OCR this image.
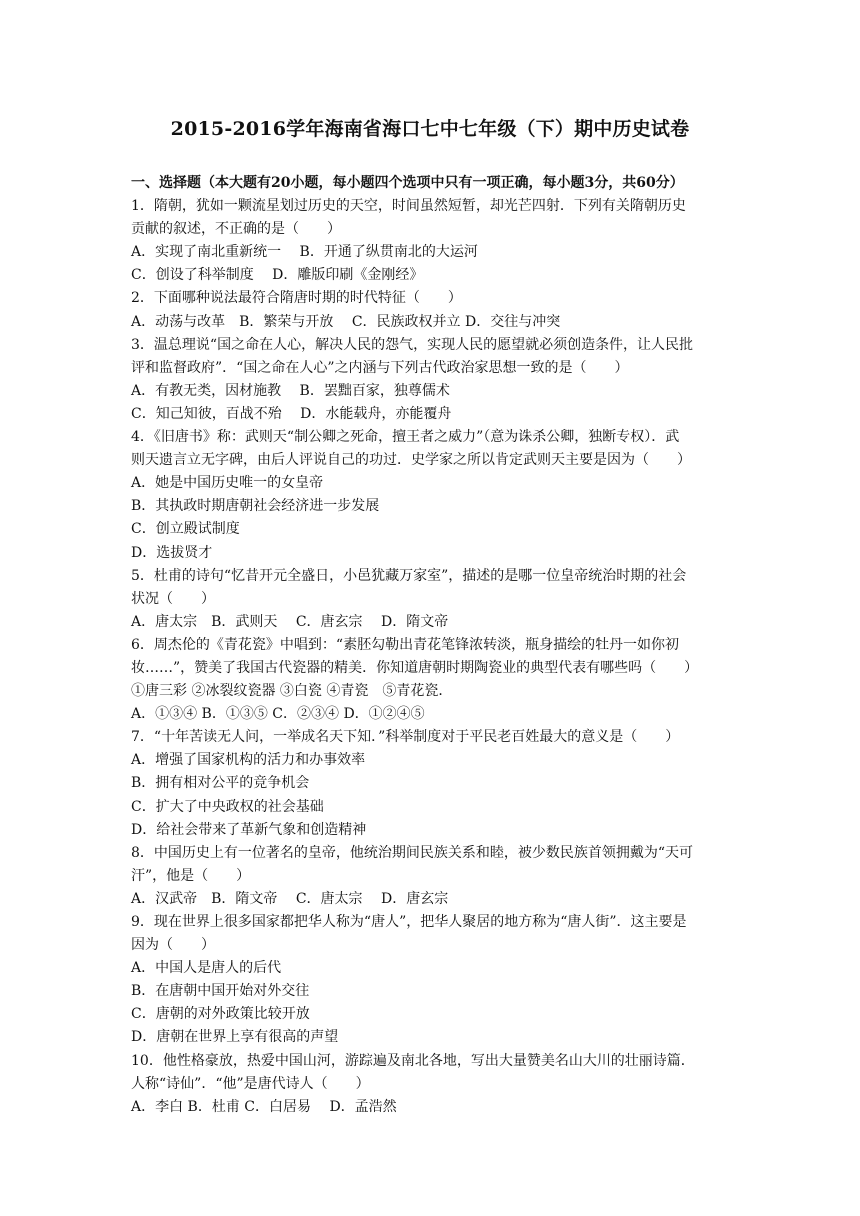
2015-2016学年海南省海口七中七年级（下）期中历史试卷
一、选择题（本大题有20小题，每小题四个选项中只有一项正确，每小题3分，共60分）
1．隋朝，犹如一颗流星划过历史的天空，时间虽然短暂，却光芒四射．下列有关隋朝历史
贡献的叙述，不正确的是（　　）
A．实现了南北重新统一　 B．开通了纵贯南北的大运河
C．创设了科举制度　 D．雕版印刷《金刚经》
2．下面哪种说法最符合隋唐时期的时代特征（　　）
A．动荡与改革　B．繁荣与开放　 C．民族政权并立 D．交往与冲突
3．温总理说“国之命在人心，解决人民的怨气，实现人民的愿望就必须创造条件，让人民批
评和监督政府”．“国之命在人心”之内涵与下列古代政治家思想一致的是（　　）
A．有教无类，因材施教　 B．罢黜百家，独尊儒术
C．知己知彼，百战不殆　 D．水能载舟，亦能覆舟
4．《旧唐书》称：武则天“制公卿之死命，擅王者之威力”（意为诛杀公卿，独断专权）．武
则天遗言立无字碑，由后人评说自己的功过．史学家之所以肯定武则天主要是因为（　　）
A．她是中国历史唯一的女皇帝
B．其执政时期唐朝社会经济进一步发展
C．创立殿试制度
D．选拔贤才
5．杜甫的诗句“忆昔开元全盛日，小邑犹藏万家室”，描述的是哪一位皇帝统治时期的社会
状况（　　）
A．唐太宗　B．武则天　 C．唐玄宗　 D．隋文帝
6．周杰伦的《青花瓷》中唱到：“素胚勾勒出青花笔锋浓转淡，瓶身描绘的牡丹一如你初
妆……”，赞美了我国古代瓷器的精美．你知道唐朝时期陶瓷业的典型代表有哪些吗（　　）
①唐三彩 ②冰裂纹瓷器 ③白瓷 ④青瓷　⑤青花瓷．
A．①③④ B．①③⑤ C．②③④ D．①②④⑤
7．“十年苦读无人问，一举成名天下知．”科举制度对于平民老百姓最大的意义是（　　）
A．增强了国家机构的活力和办事效率
B．拥有相对公平的竞争机会
C．扩大了中央政权的社会基础
D．给社会带来了革新气象和创造精神
8．中国历史上有一位著名的皇帝，他统治期间民族关系和睦，被少数民族首领拥戴为“天可
汗”，他是（　　）
A．汉武帝　B．隋文帝　 C．唐太宗　 D．唐玄宗
9．现在世界上很多国家都把华人称为“唐人”，把华人聚居的地方称为“唐人街”．这主要是
因为（　　）
A．中国人是唐人的后代
B．在唐朝中国开始对外交往
C．唐朝的对外政策比较开放
D．唐朝在世界上享有很高的声望
10．他性格豪放，热爱中国山河，游踪遍及南北各地，写出大量赞美名山大川的壮丽诗篇．
人称“诗仙”．“他”是唐代诗人（　　）
A．李白 B．杜甫 C．白居易　 D．孟浩然
